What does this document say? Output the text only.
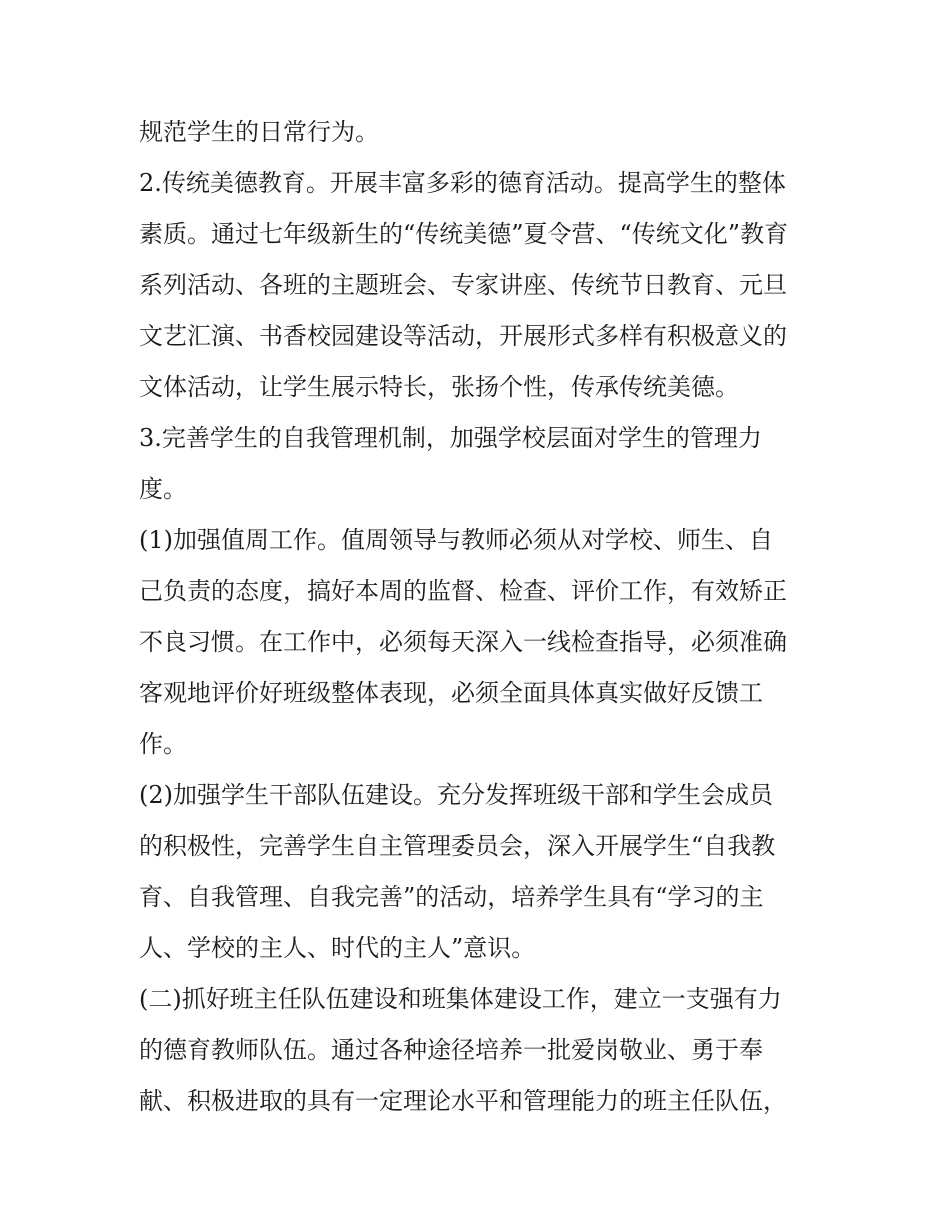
规范学生的日常行为。
2.传统美德教育。开展丰富多彩的德育活动。提高学生的整体
素质。通过七年级新生的“传统美德”夏令营、“传统文化”教育
系列活动、各班的主题班会、专家讲座、传统节日教育、元旦
文艺汇演、书香校园建设等活动，开展形式多样有积极意义的
文体活动，让学生展示特长，张扬个性，传承传统美德。
3.完善学生的自我管理机制，加强学校层面对学生的管理力
度。
(1)加强值周工作。值周领导与教师必须从对学校、师生、自
己负责的态度，搞好本周的监督、检查、评价工作，有效矫正
不良习惯。在工作中，必须每天深入一线检查指导，必须准确
客观地评价好班级整体表现，必须全面具体真实做好反馈工
作。
(2)加强学生干部队伍建设。充分发挥班级干部和学生会成员
的积极性，完善学生自主管理委员会，深入开展学生“自我教
育、自我管理、自我完善”的活动，培养学生具有“学习的主
人、学校的主人、时代的主人”意识。
(二)抓好班主任队伍建设和班集体建设工作，建立一支强有力
的德育教师队伍。通过各种途径培养一批爱岗敬业、勇于奉
献、积极进取的具有一定理论水平和管理能力的班主任队伍，
